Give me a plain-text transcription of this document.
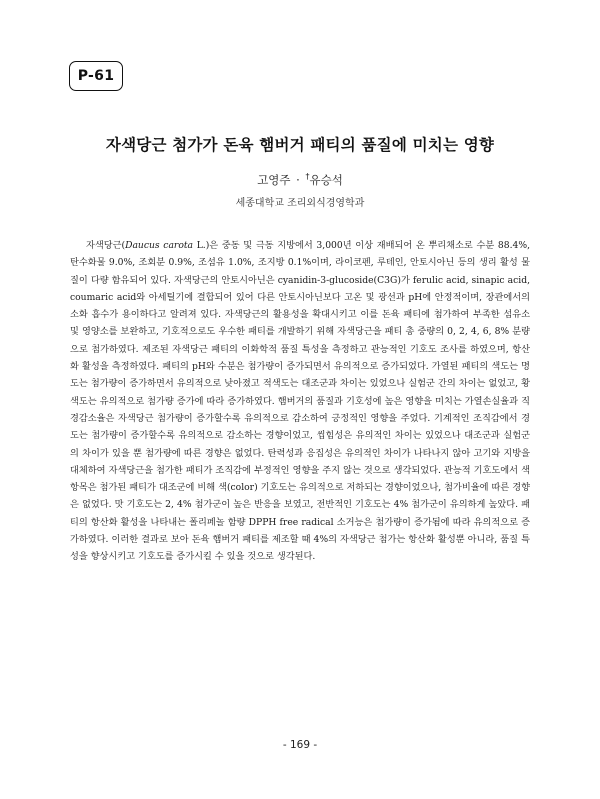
P-61
자색당근 첨가가 돈육 햄버거 패티의 품질에 미치는 영향
고영주 · †유승석
세종대학교 조리외식경영학과

자색당근(Daucus carota L.)은 중동 및 극동 지방에서 3,000년 이상 재배되어 온 뿌리채소로 수분 88.4%, 탄수화물 9.0%, 조회분 0.9%, 조섬유 1.0%, 조지방 0.1%이며, 라이코펜, 루테인, 안토시아닌 등의 생리 활성 물질이 다량 함유되어 있다. 자색당근의 안토시아닌은 cyanidin-3-glucoside(C3G)가 ferulic acid, sinapic acid, coumaric acid와 아세틸기에 결합되어 있어 다른 안토시아닌보다 고온 및 광선과 pH에 안정적이며, 장관에서의 소화 흡수가 용이하다고 알려져 있다. 자색당근의 활용성을 확대시키고 이를 돈육 패티에 첨가하여 부족한 섬유소 및 영양소를 보완하고, 기호적으로도 우수한 패티를 개발하기 위해 자색당근을 패티 총 중량의 0, 2, 4, 6, 8% 분량으로 첨가하였다. 제조된 자색당근 패티의 이화학적 품질 특성을 측정하고 관능적인 기호도 조사를 하였으며, 항산화 활성을 측정하였다. 패티의 pH와 수분은 첨가량이 증가되면서 유의적으로 증가되었다. 가열된 패티의 색도는 명도는 첨가량이 증가하면서 유의적으로 낮아졌고 적색도는 대조군과 차이는 있었으나 실험군 간의 차이는 없었고, 황색도는 유의적으로 첨가량 증가에 따라 증가하였다. 햄버거의 품질과 기호성에 높은 영향을 미치는 가열손실율과 직경감소율은 자색당근 첨가량이 증가할수록 유의적으로 감소하여 긍정적인 영향을 주었다. 기계적인 조직감에서 경도는 첨가량이 증가할수록 유의적으로 감소하는 경향이었고, 씹힘성은 유의적인 차이는 있었으나 대조군과 실험군의 차이가 있을 뿐 첨가량에 따른 경향은 없었다. 탄력성과 응집성은 유의적인 차이가 나타나지 않아 고기와 지방을 대체하여 자색당근을 첨가한 패티가 조직감에 부정적인 영향을 주지 않는 것으로 생각되었다. 관능적 기호도에서 색 항목은 첨가된 패티가 대조군에 비해 색(color) 기호도는 유의적으로 저하되는 경향이었으나, 첨가비율에 따른 경향은 없었다. 맛 기호도는 2, 4% 첨가군이 높은 반응을 보였고, 전반적인 기호도는 4% 첨가군이 유의하게 높았다. 패티의 항산화 활성을 나타내는 폴리페놀 함량 DPPH free radical 소거능은 첨가량이 증가됨에 따라 유의적으로 증가하였다. 이러한 결과로 보아 돈육 햄버거 패티를 제조할 때 4%의 자색당근 첨가는 항산화 활성뿐 아니라, 품질 특성을 향상시키고 기호도를 증가시킬 수 있을 것으로 생각된다.

- 169 -
